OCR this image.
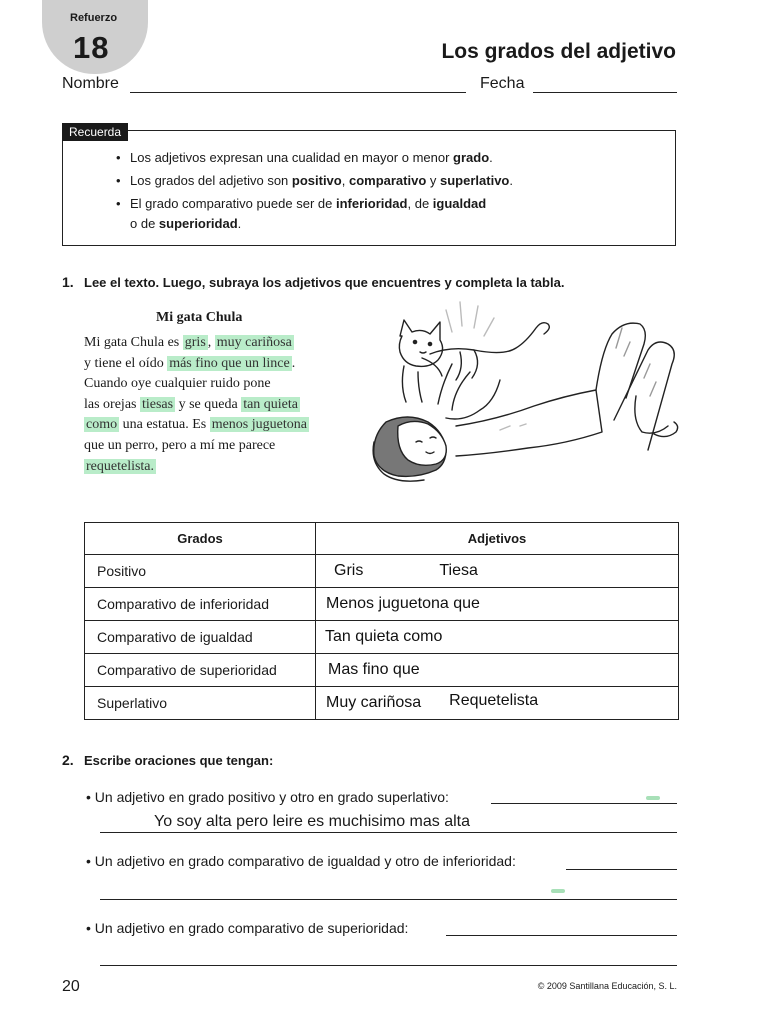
Refuerzo
18	Los grados del adjetivo
Nombre	Fecha
Recuerda
• Los adjetivos expresan una cualidad en mayor o menor grado.
• Los grados del adjetivo son positivo, comparativo y superlativo.
• El grado comparativo puede ser de inferioridad, de igualdad
o de superioridad.
1. Lee el texto. Luego, subraya los adjetivos que encuentres y completa la tabla.
Mi gata Chula
Mi gata Chula es gris , muy cariñosa
y tiene el oído más fino que un lince .
Cuando oye cualquier ruido pone
las orejas tiesas y se queda tan quieta
como una estatua. Es menos juguetona
que un perro, pero a mí me parece
requetelista.
Grados	Adjetivos
Positivo	Gris Tiesa
Comparativo de inferioridad	Menos juguetona que
Comparativo de igualdad	Tan quieta como
Comparativo de superioridad	Mas fino que
Superlativo	Muy cariñosa Requetelista
2. Escribe oraciones que tengan:
• Un adjetivo en grado positivo y otro en grado superlativo:
Yo soy alta pero leire es muchisimo mas alta
• Un adjetivo en grado comparativo de igualdad y otro de inferioridad:
• Un adjetivo en grado comparativo de superioridad:
20	© 2009 Santillana Educación, S. L.
